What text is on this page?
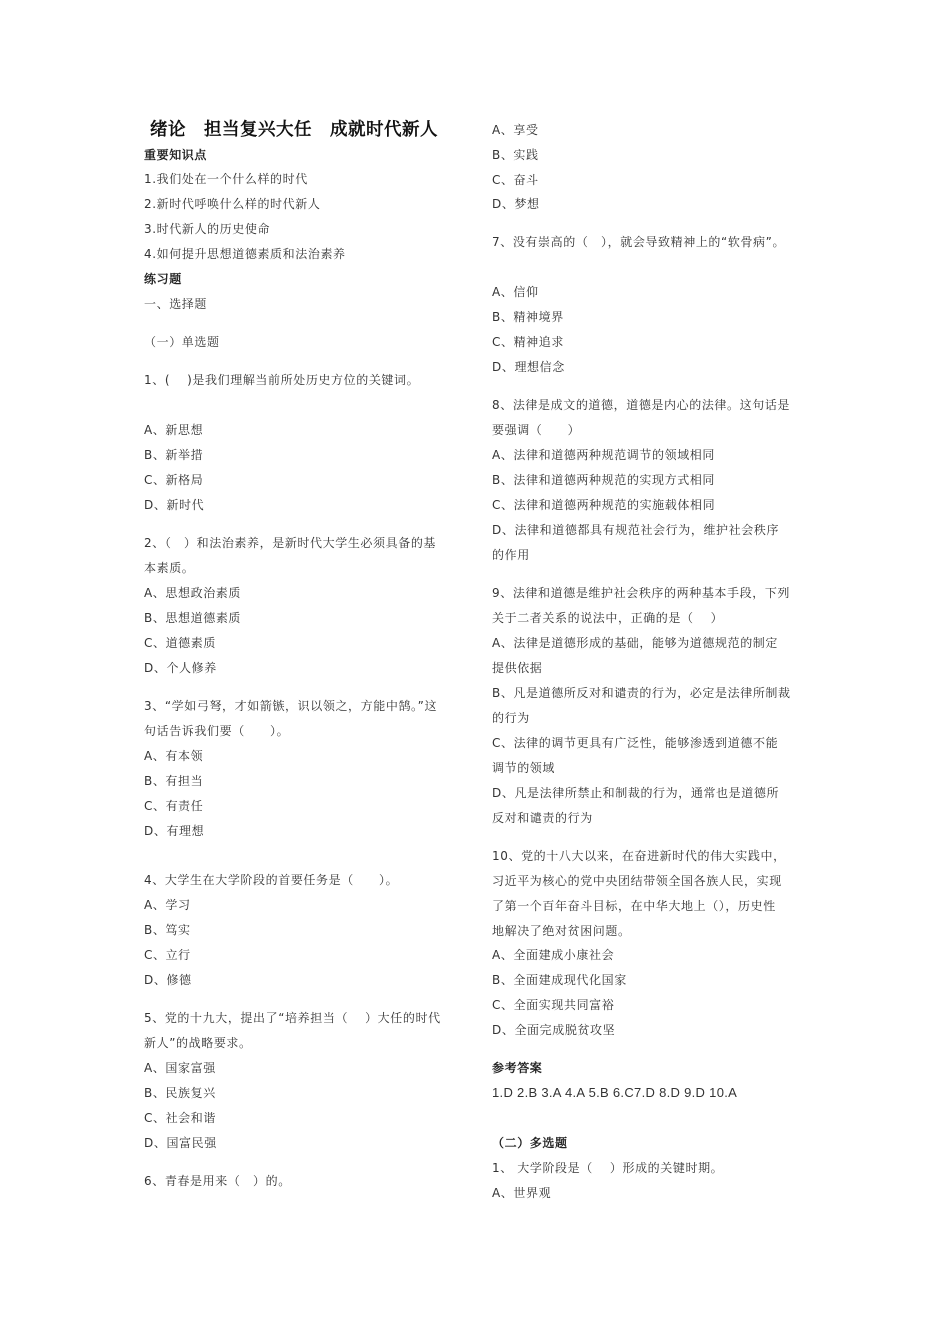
绪论　担当复兴大任　成就时代新人
重要知识点
1.我们处在一个什么样的时代
2.新时代呼唤什么样的时代新人
3.时代新人的历史使命
4.如何提升思想道德素质和法治素养
练习题
一、选择题
（一）单选题
1、(　 )是我们理解当前所处历史方位的关键词。
A、新思想
B、新举措
C、新格局
D、新时代
2、（　）和法治素养，是新时代大学生必须具备的基
本素质。
A、思想政治素质
B、思想道德素质
C、道德素质
D、个人修养
3、“学如弓弩，才如箭镞，识以领之，方能中鹄。”这
句话告诉我们要（　　）。
A、有本领
B、有担当
C、有责任
D、有理想
4、大学生在大学阶段的首要任务是（　　）。
A、学习
B、笃实
C、立行
D、修德
5、党的十九大，提出了“培养担当（　 ）大任的时代
新人”的战略要求。
A、国家富强
B、民族复兴
C、社会和谐
D、国富民强
6、青春是用来（　）的。
A、享受
B、实践
C、奋斗
D、梦想
7、没有崇高的（　），就会导致精神上的“软骨病”。
A、信仰
B、精神境界
C、精神追求
D、理想信念
8、法律是成文的道德，道德是内心的法律。这句话是
要强调（　　）
A、法律和道德两种规范调节的领域相同
B、法律和道德两种规范的实现方式相同
C、法律和道德两种规范的实施载体相同
D、法律和道德都具有规范社会行为，维护社会秩序
的作用
9、法律和道德是维护社会秩序的两种基本手段，下列
关于二者关系的说法中，正确的是（　 ）
A、法律是道德形成的基础，能够为道德规范的制定
提供依据
B、凡是道德所反对和谴责的行为，必定是法律所制裁
的行为
C、法律的调节更具有广泛性，能够渗透到道德不能
调节的领域
D、凡是法律所禁止和制裁的行为，通常也是道德所
反对和谴责的行为
10、党的十八大以来，在奋进新时代的伟大实践中，
习近平为核心的党中央团结带领全国各族人民，实现
了第一个百年奋斗目标，在中华大地上（），历史性
地解决了绝对贫困问题。
A、全面建成小康社会
B、全面建成现代化国家
C、全面实现共同富裕
D、全面完成脱贫攻坚
参考答案
1.D 2.B 3.A 4.A 5.B 6.C7.D 8.D 9.D 10.A
（二）多选题
1、 大学阶段是（　 ）形成的关键时期。
A、世界观
